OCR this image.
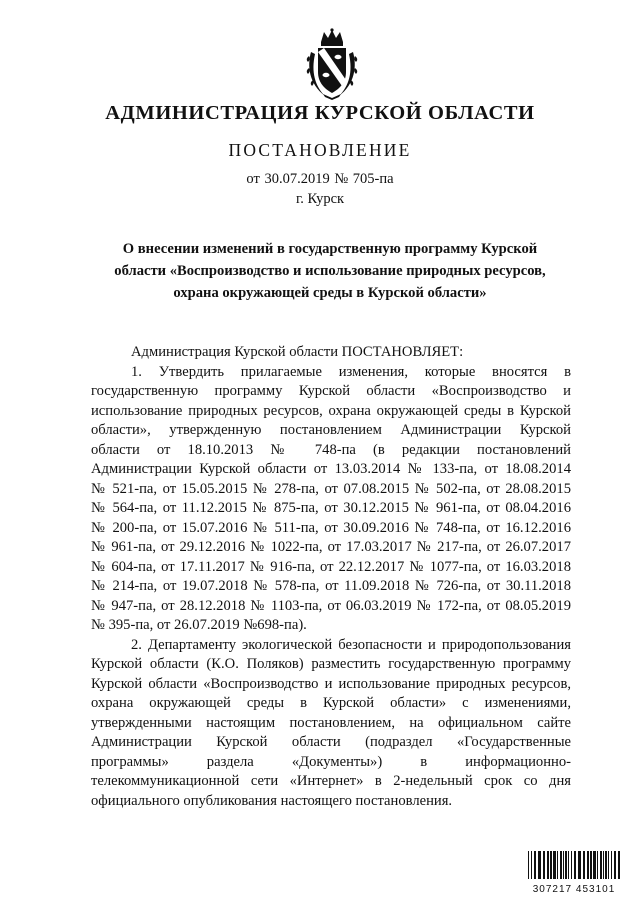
АДМИНИСТРАЦИЯ КУРСКОЙ ОБЛАСТИ
ПОСТАНОВЛЕНИЕ
от 30.07.2019 № 705-па
г. Курск
О внесении изменений в государственную программу Курской
области «Воспроизводство и использование природных ресурсов,
охрана окружающей среды в Курской области»
Администрация Курской области ПОСТАНОВЛЯЕТ:
1. Утвердить прилагаемые изменения, которые вносятся в
государственную программу Курской области «Воспроизводство и
использование природных ресурсов, охрана окружающей среды в Курской
области», утвержденную постановлением Администрации Курской
области от 18.10.2013 № 748-па (в редакции постановлений
Администрации Курской области от 13.03.2014 № 133-па, от 18.08.2014
№ 521-па, от 15.05.2015 № 278-па, от 07.08.2015 № 502-па, от 28.08.2015
№ 564-па, от 11.12.2015 № 875-па, от 30.12.2015 № 961-па, от 08.04.2016
№ 200-па, от 15.07.2016 № 511-па, от 30.09.2016 № 748-па, от 16.12.2016
№ 961-па, от 29.12.2016 № 1022-па, от 17.03.2017 № 217-па, от 26.07.2017
№ 604-па, от 17.11.2017 № 916-па, от 22.12.2017 № 1077-па, от 16.03.2018
№ 214-па, от 19.07.2018 № 578-па, от 11.09.2018 № 726-па, от 30.11.2018
№ 947-па, от 28.12.2018 № 1103-па, от 06.03.2019 № 172-па, от 08.05.2019
№ 395-па, от 26.07.2019 №698-па).
2. Департаменту экологической безопасности и природопользования
Курской области (К.О. Поляков) разместить государственную программу
Курской области «Воспроизводство и использование природных ресурсов,
охрана окружающей среды в Курской области» с изменениями,
утвержденными настоящим постановлением, на официальном сайте
Администрации Курской области (подраздел «Государственные
программы» раздела «Документы») в информационно-
телекоммуникационной сети «Интернет» в 2-недельный срок со дня
официального опубликования настоящего постановления.
307217 453101
